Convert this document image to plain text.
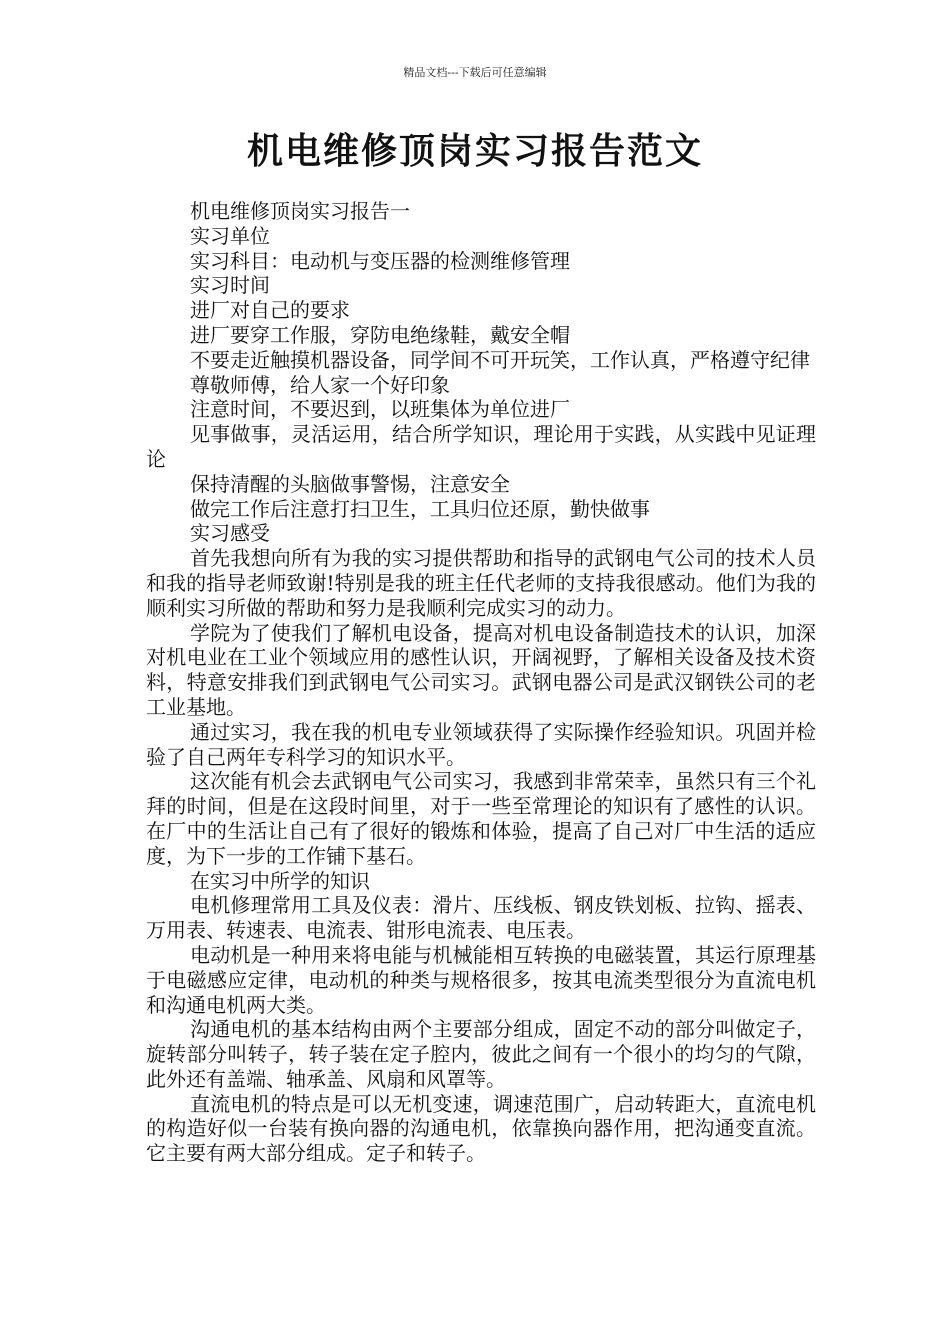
精品文档---下载后可任意编辑
机电维修顶岗实习报告范文

机电维修顶岗实习报告一

实习单位

实习科目：电动机与变压器的检测维修管理

实习时间

进厂对自己的要求

进厂要穿工作服，穿防电绝缘鞋，戴安全帽

不要走近触摸机器设备，同学间不可开玩笑，工作认真，严格遵守纪律

尊敬师傅，给人家一个好印象

注意时间，不要迟到，以班集体为单位进厂

见事做事，灵活运用，结合所学知识，理论用于实践，从实践中见证理论

保持清醒的头脑做事警惕，注意安全

做完工作后注意打扫卫生，工具归位还原，勤快做事

实习感受

首先我想向所有为我的实习提供帮助和指导的武钢电气公司的技术人员和我的指导老师致谢!特别是我的班主任代老师的支持我很感动。他们为我的顺利实习所做的帮助和努力是我顺利完成实习的动力。

学院为了使我们了解机电设备，提高对机电设备制造技术的认识，加深对机电业在工业个领域应用的感性认识，开阔视野，了解相关设备及技术资料，特意安排我们到武钢电气公司实习。武钢电器公司是武汉钢铁公司的老工业基地。

通过实习，我在我的机电专业领域获得了实际操作经验知识。巩固并检验了自己两年专科学习的知识水平。

这次能有机会去武钢电气公司实习，我感到非常荣幸，虽然只有三个礼拜的时间，但是在这段时间里，对于一些至常理论的知识有了感性的认识。在厂中的生活让自己有了很好的锻炼和体验，提高了自己对厂中生活的适应度，为下一步的工作铺下基石。

在实习中所学的知识

电机修理常用工具及仪表：滑片、压线板、钢皮铁划板、拉钩、摇表、万用表、转速表、电流表、钳形电流表、电压表。

电动机是一种用来将电能与机械能相互转换的电磁装置，其运行原理基于电磁感应定律，电动机的种类与规格很多，按其电流类型很分为直流电机和沟通电机两大类。

沟通电机的基本结构由两个主要部分组成，固定不动的部分叫做定子，旋转部分叫转子，转子装在定子腔内，彼此之间有一个很小的均匀的气隙，此外还有盖端、轴承盖、风扇和风罩等。

直流电机的特点是可以无机变速，调速范围广，启动转距大，直流电机的构造好似一台装有换向器的沟通电机，依靠换向器作用，把沟通变直流。它主要有两大部分组成。定子和转子。
